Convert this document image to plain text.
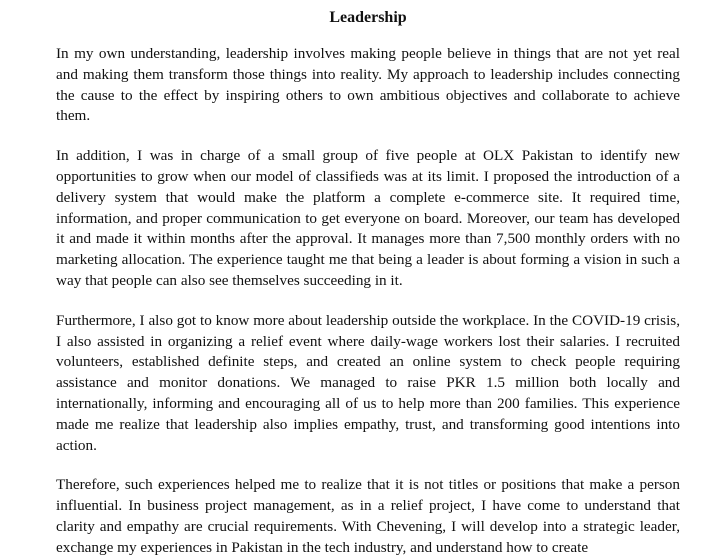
Leadership

In my own understanding, leadership involves making people believe in things that are not yet real and making them transform those things into reality. My approach to leadership includes connecting the cause to the effect by inspiring others to own ambitious objectives and collaborate to achieve them.

In addition, I was in charge of a small group of five people at OLX Pakistan to identify new opportunities to grow when our model of classifieds was at its limit. I proposed the introduction of a delivery system that would make the platform a complete e-commerce site. It required time, information, and proper communication to get everyone on board. Moreover, our team has developed it and made it within months after the approval. It manages more than 7,500 monthly orders with no marketing allocation. The experience taught me that being a leader is about forming a vision in such a way that people can also see themselves succeeding in it.

Furthermore, I also got to know more about leadership outside the workplace. In the COVID-19 crisis, I also assisted in organizing a relief event where daily-wage workers lost their salaries. I recruited volunteers, established definite steps, and created an online system to check people requiring assistance and monitor donations. We managed to raise PKR 1.5 million both locally and internationally, informing and encouraging all of us to help more than 200 families. This experience made me realize that leadership also implies empathy, trust, and transforming good intentions into action.

Therefore, such experiences helped me to realize that it is not titles or positions that make a person influential. In business project management, as in a relief project, I have come to understand that clarity and empathy are crucial requirements. With Chevening, I will develop into a strategic leader, exchange my experiences in Pakistan in the tech industry, and understand how to create
